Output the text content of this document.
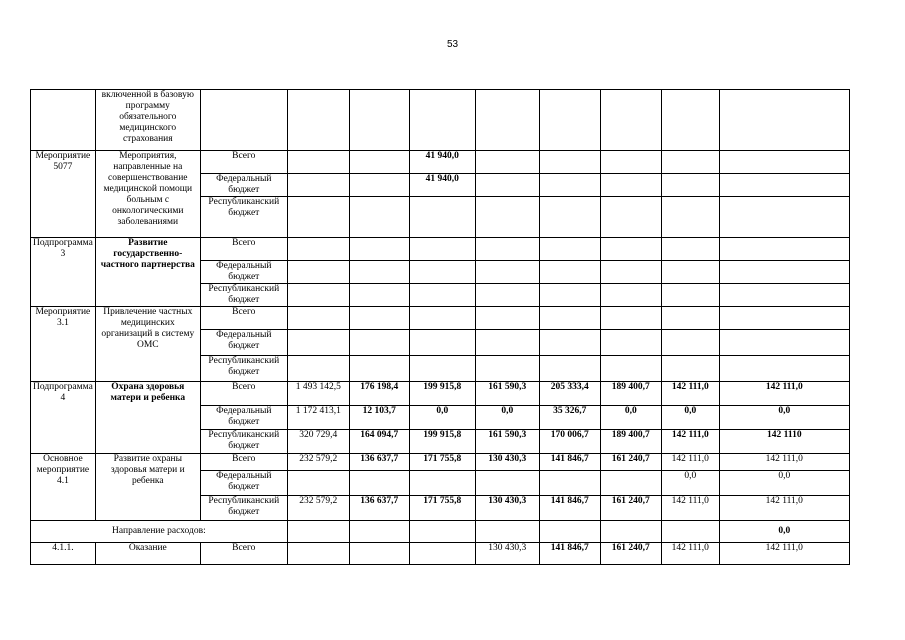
53
	включенной в базовую программу обязательного медицинского страхования									
Мероприятие 5077	Мероприятия, направленные на совершенствование медицинской помощи больным с онкологическими заболеваниями	Всего			41 940,0					
		Федеральный бюджет			41 940,0					
		Республиканский бюджет								
Подпрограмма 3	Развитие государственно-частного партнерства	Всего								
		Федеральный бюджет								
		Республиканский бюджет								
Мероприятие 3.1	Привлечение частных медицинских организаций в систему ОМС	Всего								
		Федеральный бюджет								
		Республиканский бюджет								
Подпрограмма 4	Охрана здоровья матери и ребенка	Всего	1 493 142,5	176 198,4	199 915,8	161 590,3	205 333,4	189 400,7	142 111,0	142 111,0
		Федеральный бюджет	1 172 413,1	12 103,7	0,0	0,0	35 326,7	0,0	0,0	0,0
		Республиканский бюджет	320 729,4	164 094,7	199 915,8	161 590,3	170 006,7	189 400,7	142 111,0	142 1110
Основное мероприятие 4.1	Развитие охраны здоровья матери и ребенка	Всего	232 579,2	136 637,7	171 755,8	130 430,3	141 846,7	161 240,7	142 111,0	142 111,0
		Федеральный бюджет							0,0	0,0
		Республиканский бюджет	232 579,2	136 637,7	171 755,8	130 430,3	141 846,7	161 240,7	142 111,0	142 111,0
Направление расходов:										0,0
4.1.1.	Оказание	Всего				130 430,3	141 846,7	161 240,7	142 111,0	142 111,0
